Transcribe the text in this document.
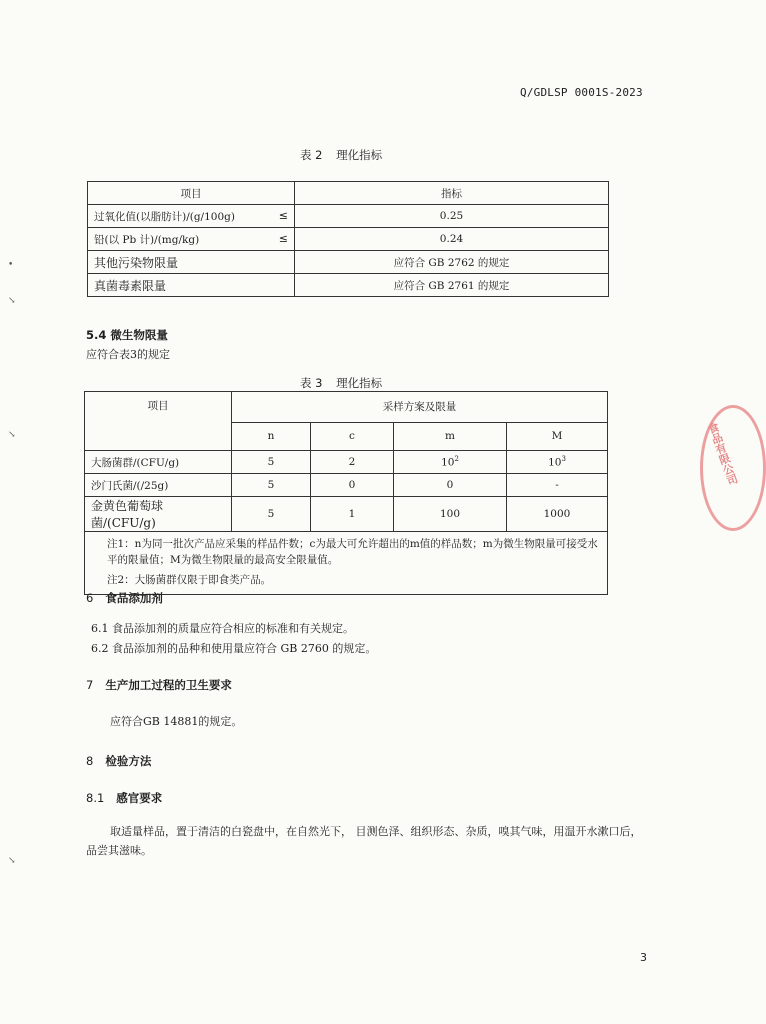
Q/GDLSP 0001S-2023
表 2 理化指标
项目	指标
过氧化值(以脂肪计)/(g/100g) ≤	0.25
铅(以 Pb 计)/(mg/kg) ≤	0.24
其他污染物限量	应符合 GB 2762 的规定
真菌毒素限量	应符合 GB 2761 的规定
•
↘
↘
↘
5.4 微生物限量
应符合表3的规定
表 3 理化指标
项目	采样方案及限量			
	n	c	m	M
大肠菌群/(CFU/g)	5	2	$10^2$	$10^3$
沙门氏菌/(/25g)	5	0	0	-
金黄色葡萄球菌/(CFU/g)	5	1	100	1000

注1：n为同一批次产品应采集的样品件数；c为最大可允许超出的m值的样品数；m为微生物限量可接受水平的限量值；M为微生物限量的最高安全限量值。
注2：大肠菌群仅限于即食类产品。				
6 食品添加剂
6.1 食品添加剂的质量应符合相应的标准和有关规定。
6.2 食品添加剂的品种和使用量应符合 GB 2760 的规定。
7 生产加工过程的卫生要求
应符合GB 14881的规定。
8 检验方法
8.1 感官要求
取适量样品，置于清洁的白瓷盘中，在自然光下， 目测色泽、组织形态、杂质，嗅其气味，用温开水漱口后，品尝其滋味。
食品有限公司
3
